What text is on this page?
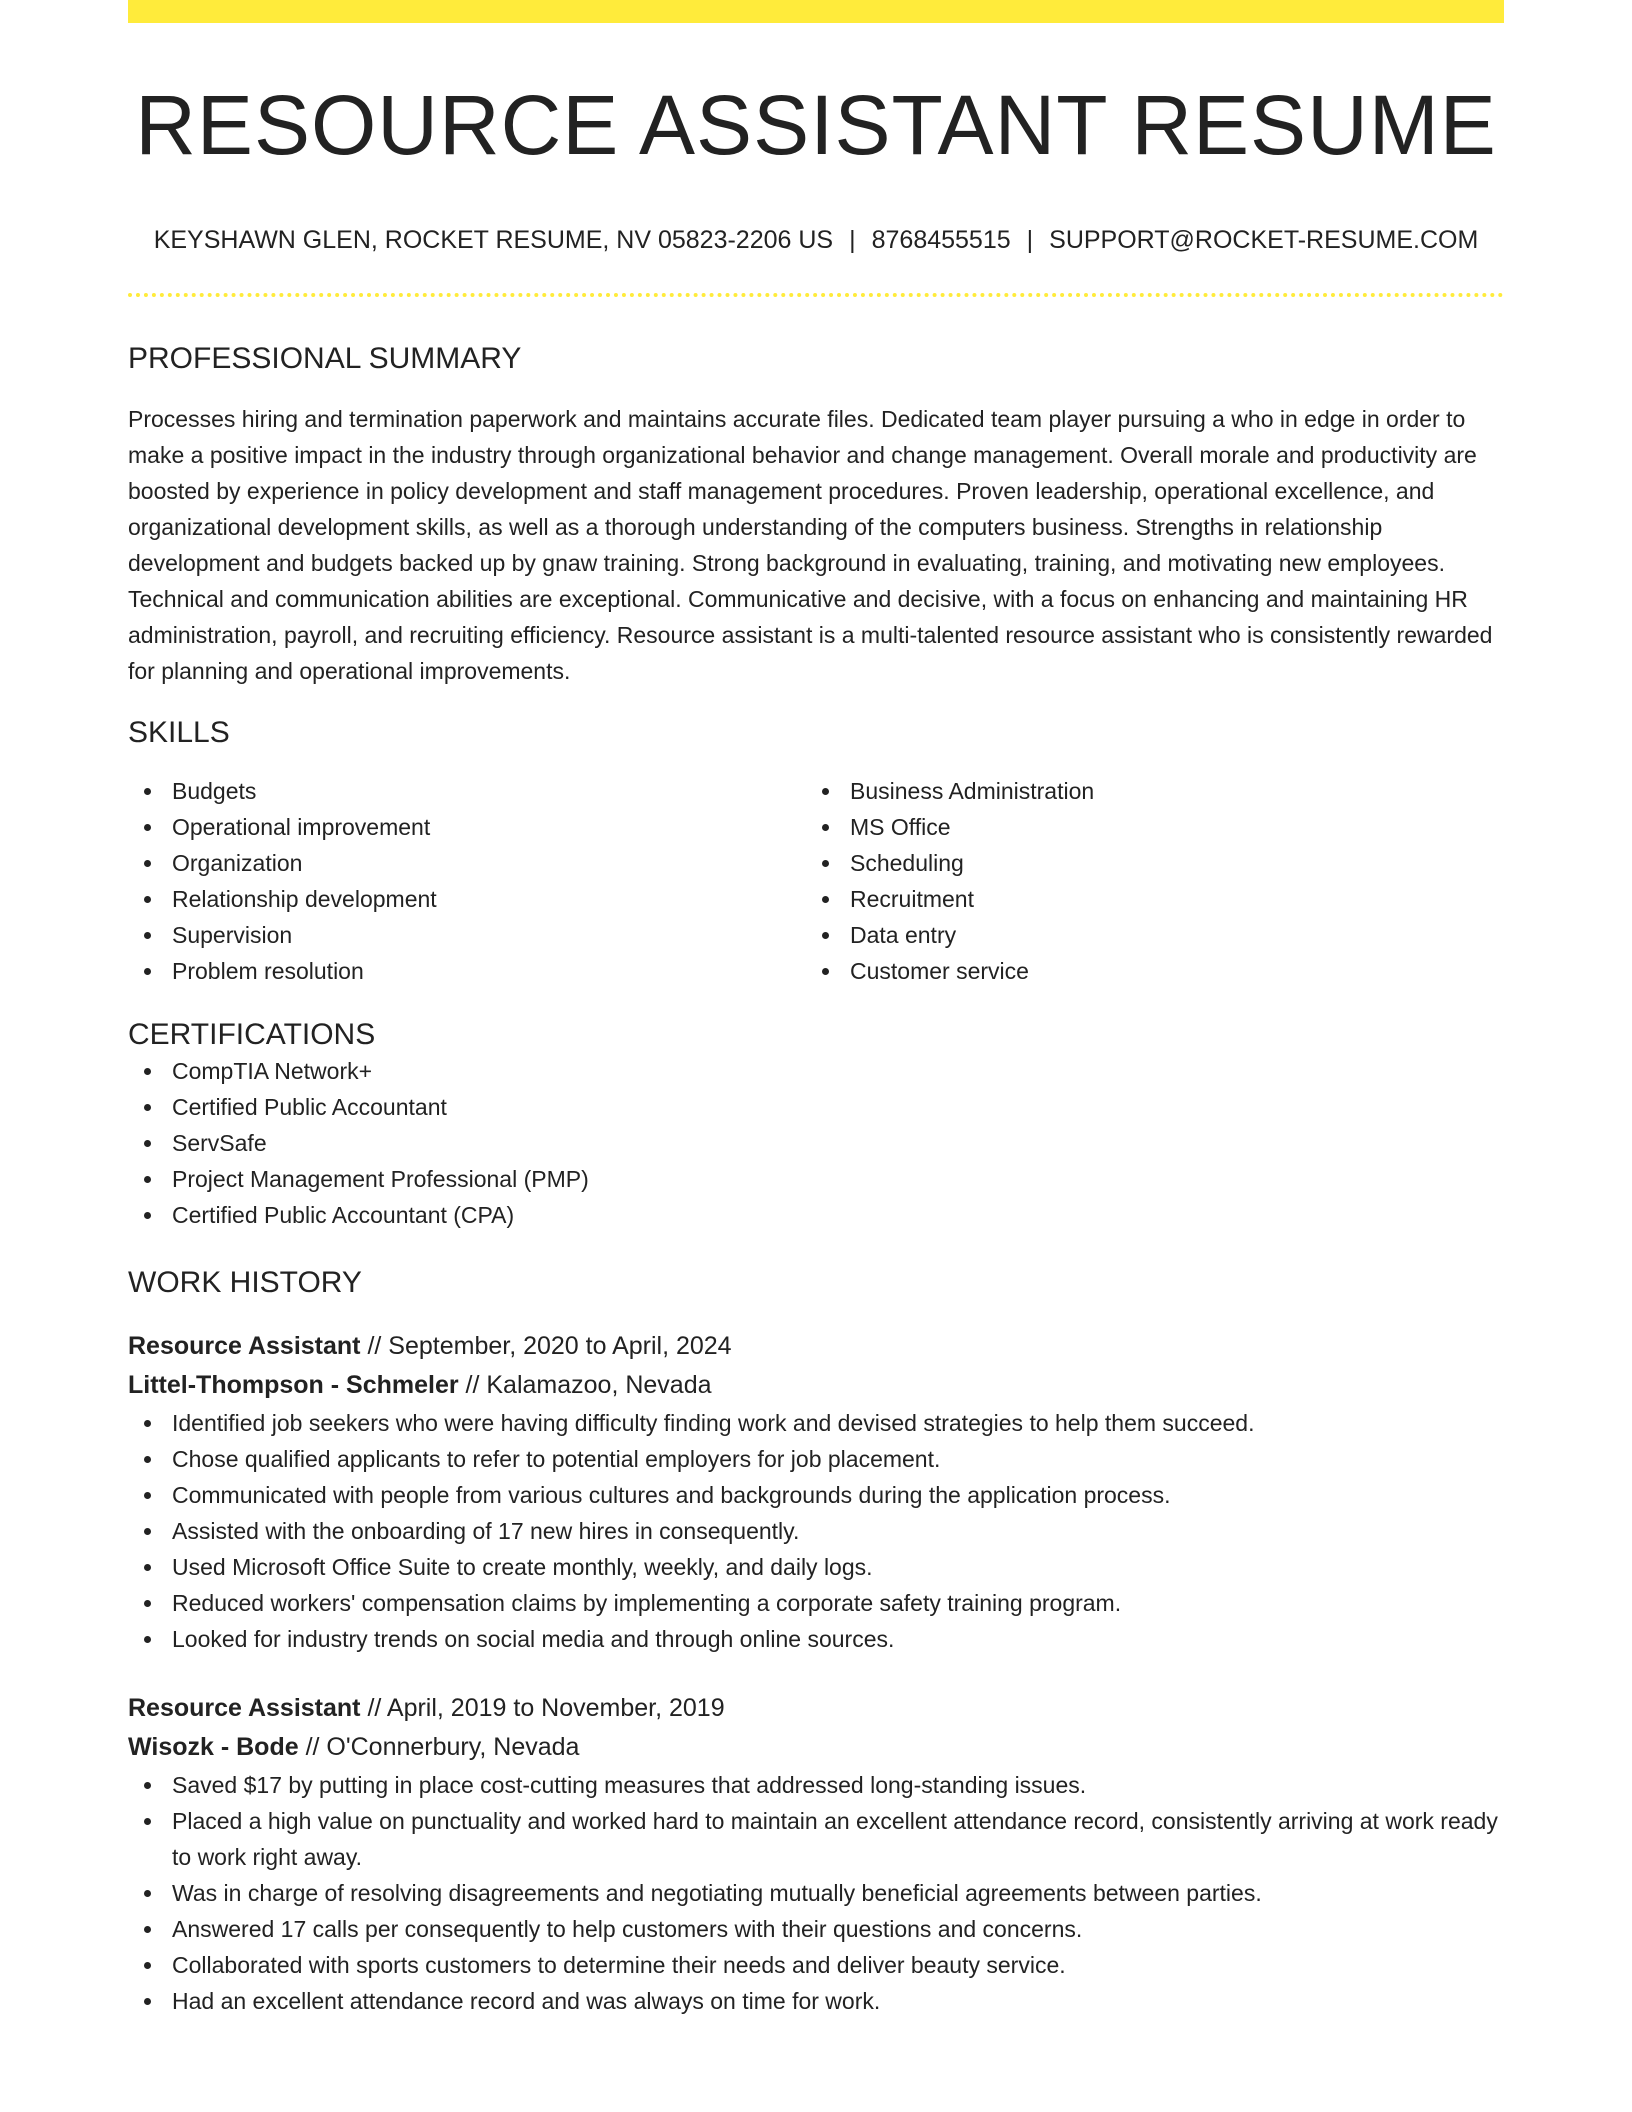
RESOURCE ASSISTANT RESUME
KEYSHAWN GLEN, ROCKET RESUME, NV 05823-2206 US | 8768455515 | SUPPORT@ROCKET-RESUME.COM
PROFESSIONAL SUMMARY

Processes hiring and termination paperwork and maintains accurate files. Dedicated team player pursuing a who in edge in order to make a positive impact in the industry through organizational behavior and change management. Overall morale and productivity are boosted by experience in policy development and staff management procedures. Proven leadership, operational excellence, and organizational development skills, as well as a thorough understanding of the computers business. Strengths in relationship development and budgets backed up by gnaw training. Strong background in evaluating, training, and motivating new employees. Technical and communication abilities are exceptional. Communicative and decisive, with a focus on enhancing and maintaining HR administration, payroll, and recruiting efficiency. Resource assistant is a multi-talented resource assistant who is consistently rewarded for planning and operational improvements.

SKILLS
Budgets
Operational improvement
Organization
Relationship development
Supervision
Problem resolution
Business Administration
MS Office
Scheduling
Recruitment
Data entry
Customer service
CERTIFICATIONS
CompTIA Network+
Certified Public Accountant
ServSafe
Project Management Professional (PMP)
Certified Public Accountant (CPA)
WORK HISTORY
Resource Assistant // September, 2020 to April, 2024
Littel-Thompson - Schmeler // Kalamazoo, Nevada
Identified job seekers who were having difficulty finding work and devised strategies to help them succeed.
Chose qualified applicants to refer to potential employers for job placement.
Communicated with people from various cultures and backgrounds during the application process.
Assisted with the onboarding of 17 new hires in consequently.
Used Microsoft Office Suite to create monthly, weekly, and daily logs.
Reduced workers' compensation claims by implementing a corporate safety training program.
Looked for industry trends on social media and through online sources.
Resource Assistant // April, 2019 to November, 2019
Wisozk - Bode // O'Connerbury, Nevada
Saved $17 by putting in place cost-cutting measures that addressed long-standing issues.
Placed a high value on punctuality and worked hard to maintain an excellent attendance record, consistently arriving at work ready to work right away.
Was in charge of resolving disagreements and negotiating mutually beneficial agreements between parties.
Answered 17 calls per consequently to help customers with their questions and concerns.
Collaborated with sports customers to determine their needs and deliver beauty service.
Had an excellent attendance record and was always on time for work.
